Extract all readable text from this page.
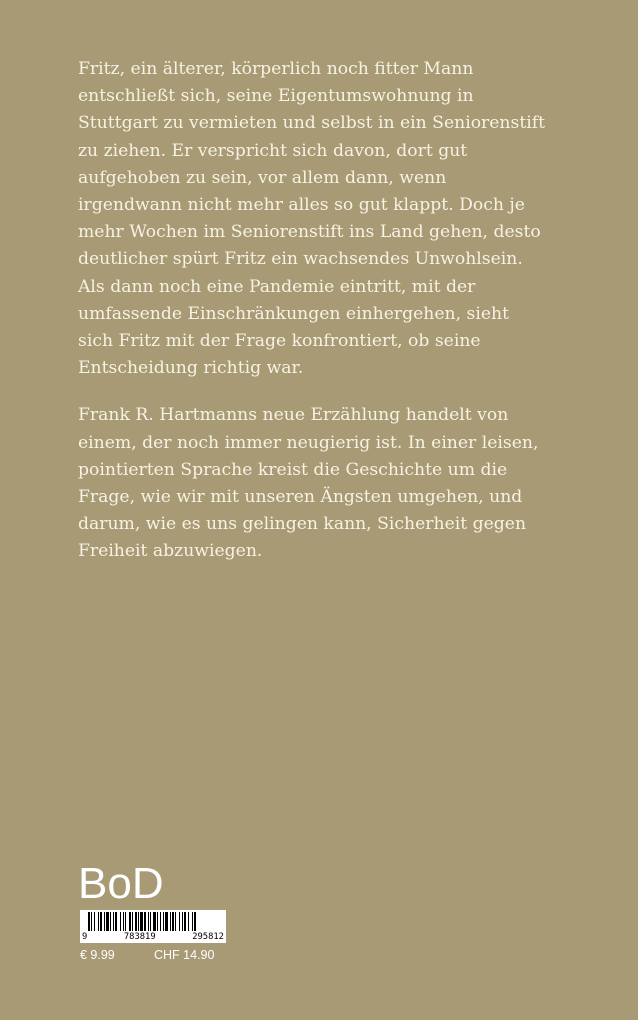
Fritz, ein älterer, körperlich noch fitter Mann entschließt sich, seine Eigentumswohnung in Stuttgart zu vermieten und selbst in ein Seniorenstift zu ziehen. Er verspricht sich davon, dort gut aufgehoben zu sein, vor allem dann, wenn irgendwann nicht mehr alles so gut klappt. Doch je mehr Wochen im Seniorenstift ins Land gehen, desto deutlicher spürt Fritz ein wachsendes Unwohlsein. Als dann noch eine Pandemie eintritt, mit der umfassende Einschränkungen einhergehen, sieht sich Fritz mit der Frage konfrontiert, ob seine Entscheidung richtig war.

Frank R. Hartmanns neue Erzählung handelt von einem, der noch immer neugierig ist. In einer leisen, pointierten Sprache kreist die Geschichte um die Frage, wie wir mit unseren Ängsten umgehen, und darum, wie es uns gelingen kann, Sicherheit gegen Freiheit abzuwiegen.

BoD
9	783819	295812
€ 9.99	CHF 14.90
